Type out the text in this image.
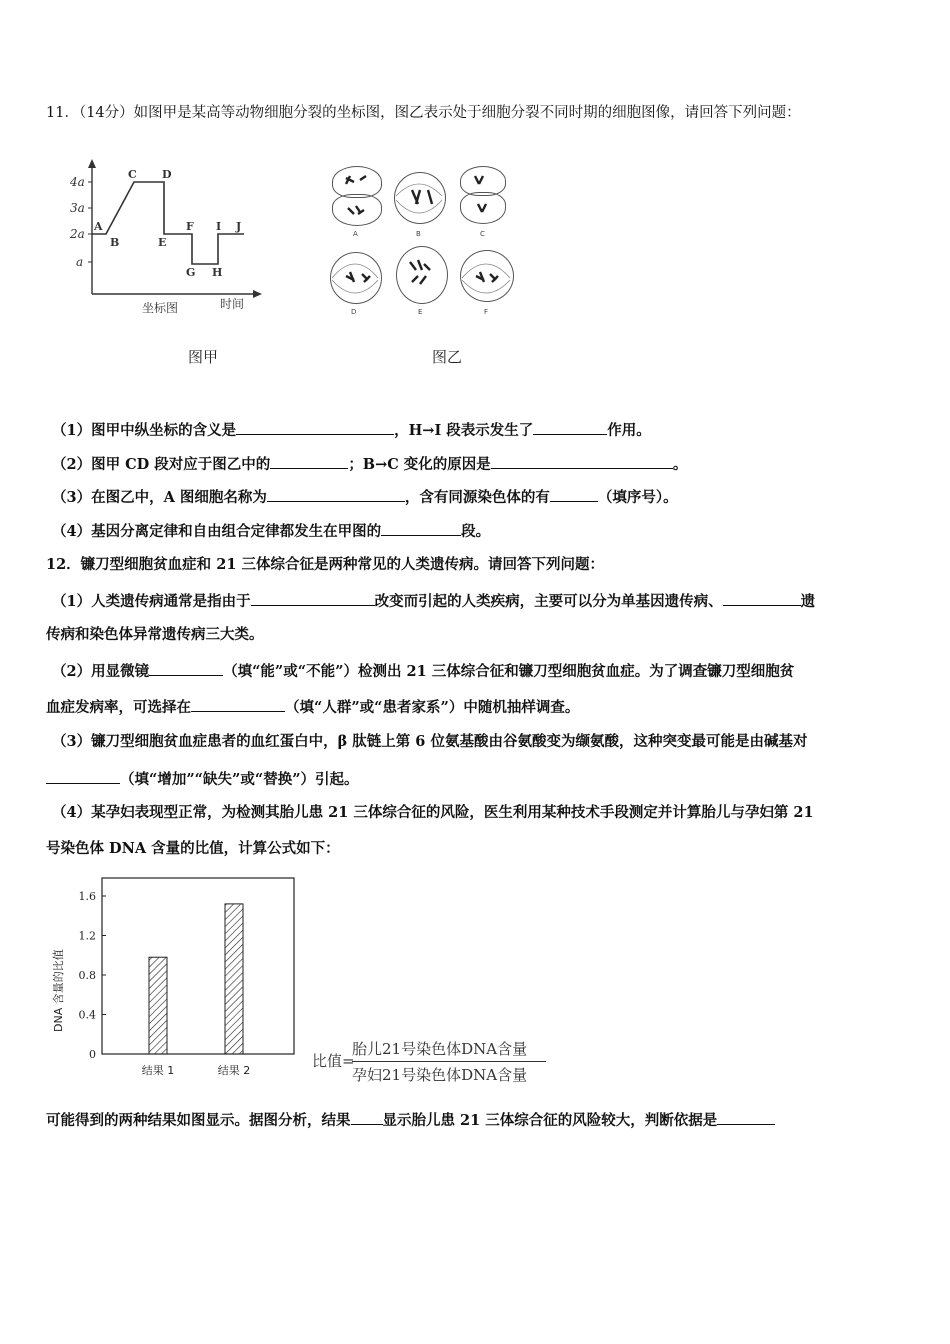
11．（14分）如图甲是某高等动物细胞分裂的坐标图，图乙表示处于细胞分裂不同时期的细胞图像，请回答下列问题：
4a
3a
2a
a
A
B
C D
E
F
G H
I J
时间
坐标图
图甲
A	B	C
D	E	F
图乙
（1）图甲中纵坐标的含义是	，H→I 段表示发生了	作用。
（2）图甲 CD 段对应于图乙中的	；B→C 变化的原因是	。
（3）在图乙中，A 图细胞名称为	，含有同源染色体的有	（填序号）。
（4）基因分离定律和自由组合定律都发生在甲图的	段。
12．镰刀型细胞贫血症和 21 三体综合征是两种常见的人类遗传病。请回答下列问题：
（1）人类遗传病通常是指由于	改变而引起的人类疾病，主要可以分为单基因遗传病、	遗
传病和染色体异常遗传病三大类。
（2）用显微镜	（填“能”或“不能”）检测出 21 三体综合征和镰刀型细胞贫血症。为了调查镰刀型细胞贫
血症发病率，可选择在	（填“人群”或“患者家系”）中随机抽样调查。
（3）镰刀型细胞贫血症患者的血红蛋白中，β 肽链上第 6 位氨基酸由谷氨酸变为缬氨酸，这种突变最可能是由碱基对
（填“增加”“缺失”或“替换”）引起。
（4）某孕妇表现型正常，为检测其胎儿患 21 三体综合征的风险，医生利用某种技术手段测定并计算胎儿与孕妇第 21
号染色体 DNA 含量的比值，计算公式如下：
DNA 含量的比值
1.6
1.2
0.8
0.4
0
结果 1	结果 2
比值=
胎儿21号染色体DNA含量
孕妇21号染色体DNA含量
可能得到的两种结果如图显示。据图分析，结果 显示胎儿患 21 三体综合征的风险较大，判断依据是
